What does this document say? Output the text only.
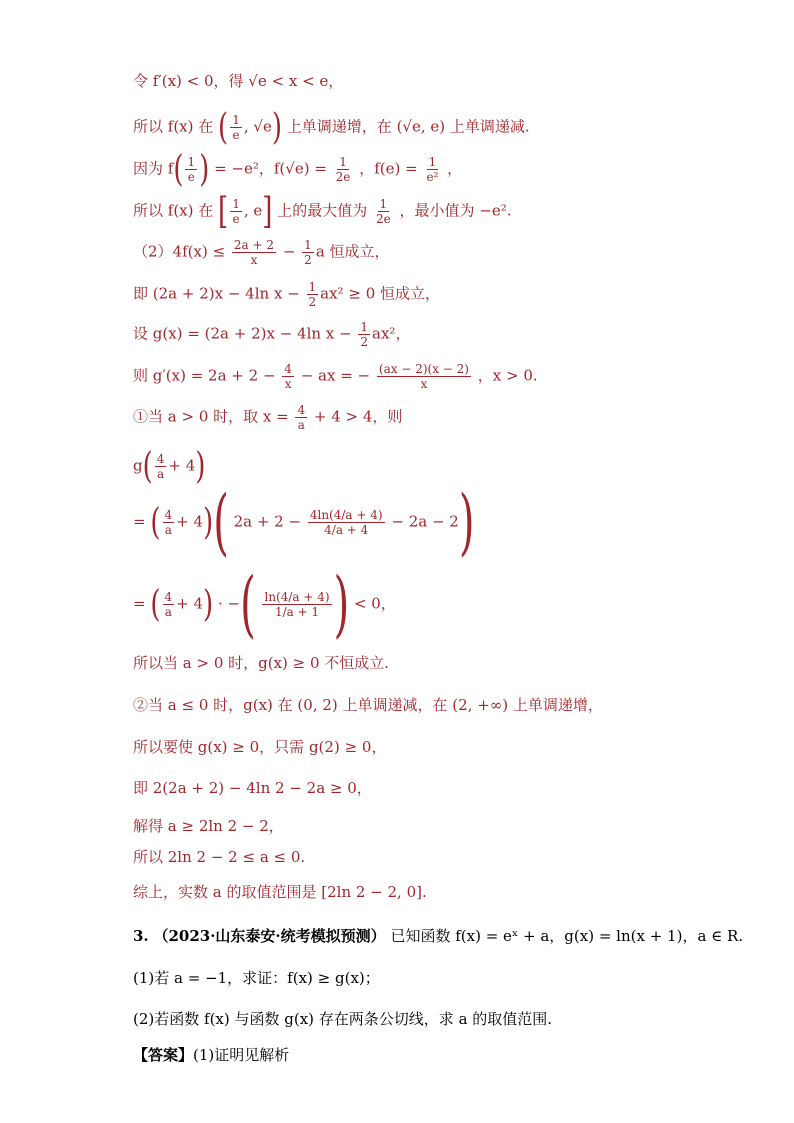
令 f′(x) < 0，得 √e < x < e，
所以 f(x) 在 ( $\frac{1}{e}$ , √e) 上单调递增，在 (√e, e) 上单调递减.
因为 $f( \frac{1}{e}$ ) = −e²，$f(√e) = \frac{1}{2e}$ ，$f(e) = \frac{1}{\text{e²}}$ ，
所以 f(x) 在 [ $\frac{1}{e}$ , e] 上的最大值为 $\frac{1}{2e}$ ，最小值为 −e².
$(2)4f(x) \le \frac{2a + 2}{x} - \frac{1}{2}$ a 恒成立，
即 (2a + 2)x − 4ln $x - \frac{1}{2} ax^2 \ge 0$ 恒成立，
设 g(x) = (2a + 2)x − 4ln $x - \frac{1}{2} ax^2$，
则 $g'(x) = 2a + 2 - \frac{4}{x}$ − ax = − $\frac{(ax - 2)(x - 2)}{x}$ ，x > 0.
①当 a > 0 时，取 $x = \frac{4}{a} + 4 > 4$，则
$g( \frac{4}{a} + 4)$
= ( $\frac{4}{a} + 4$)( $2a + 2 - \frac{4\ln(4/a + 4)}{4/a + 4} - 2a - 2$)
= ( $\frac{4}{a} + 4$) · −( $\frac{\ln(4/a + 4)}{1/a + 1}$ ) < 0，
所以当 a > 0 时，g(x) ≥ 0 不恒成立.
②当 a ≤ 0 时，g(x) 在 (0, 2) 上单调递减，在 (2, +∞) 上单调递增，
所以要使 g(x) ≥ 0，只需 g(2) ≥ 0，
即 2(2a + 2) − 4ln 2 − 2a ≥ 0，
解得 a ≥ 2ln 2 − 2，
所以 2ln 2 − 2 ≤ a ≤ 0.
综上，实数 a 的取值范围是 [2ln 2 − 2, 0].
3. （2023·山东泰安·统考模拟预测） 已知函数 f(x) = eˣ + a，g(x) = ln(x + 1)，a ∈ R.
(1)若 a = −1，求证：f(x) ≥ g(x)；
(2)若函数 f(x) 与函数 g(x) 存在两条公切线，求 a 的取值范围.
【答案】(1)证明见解析
